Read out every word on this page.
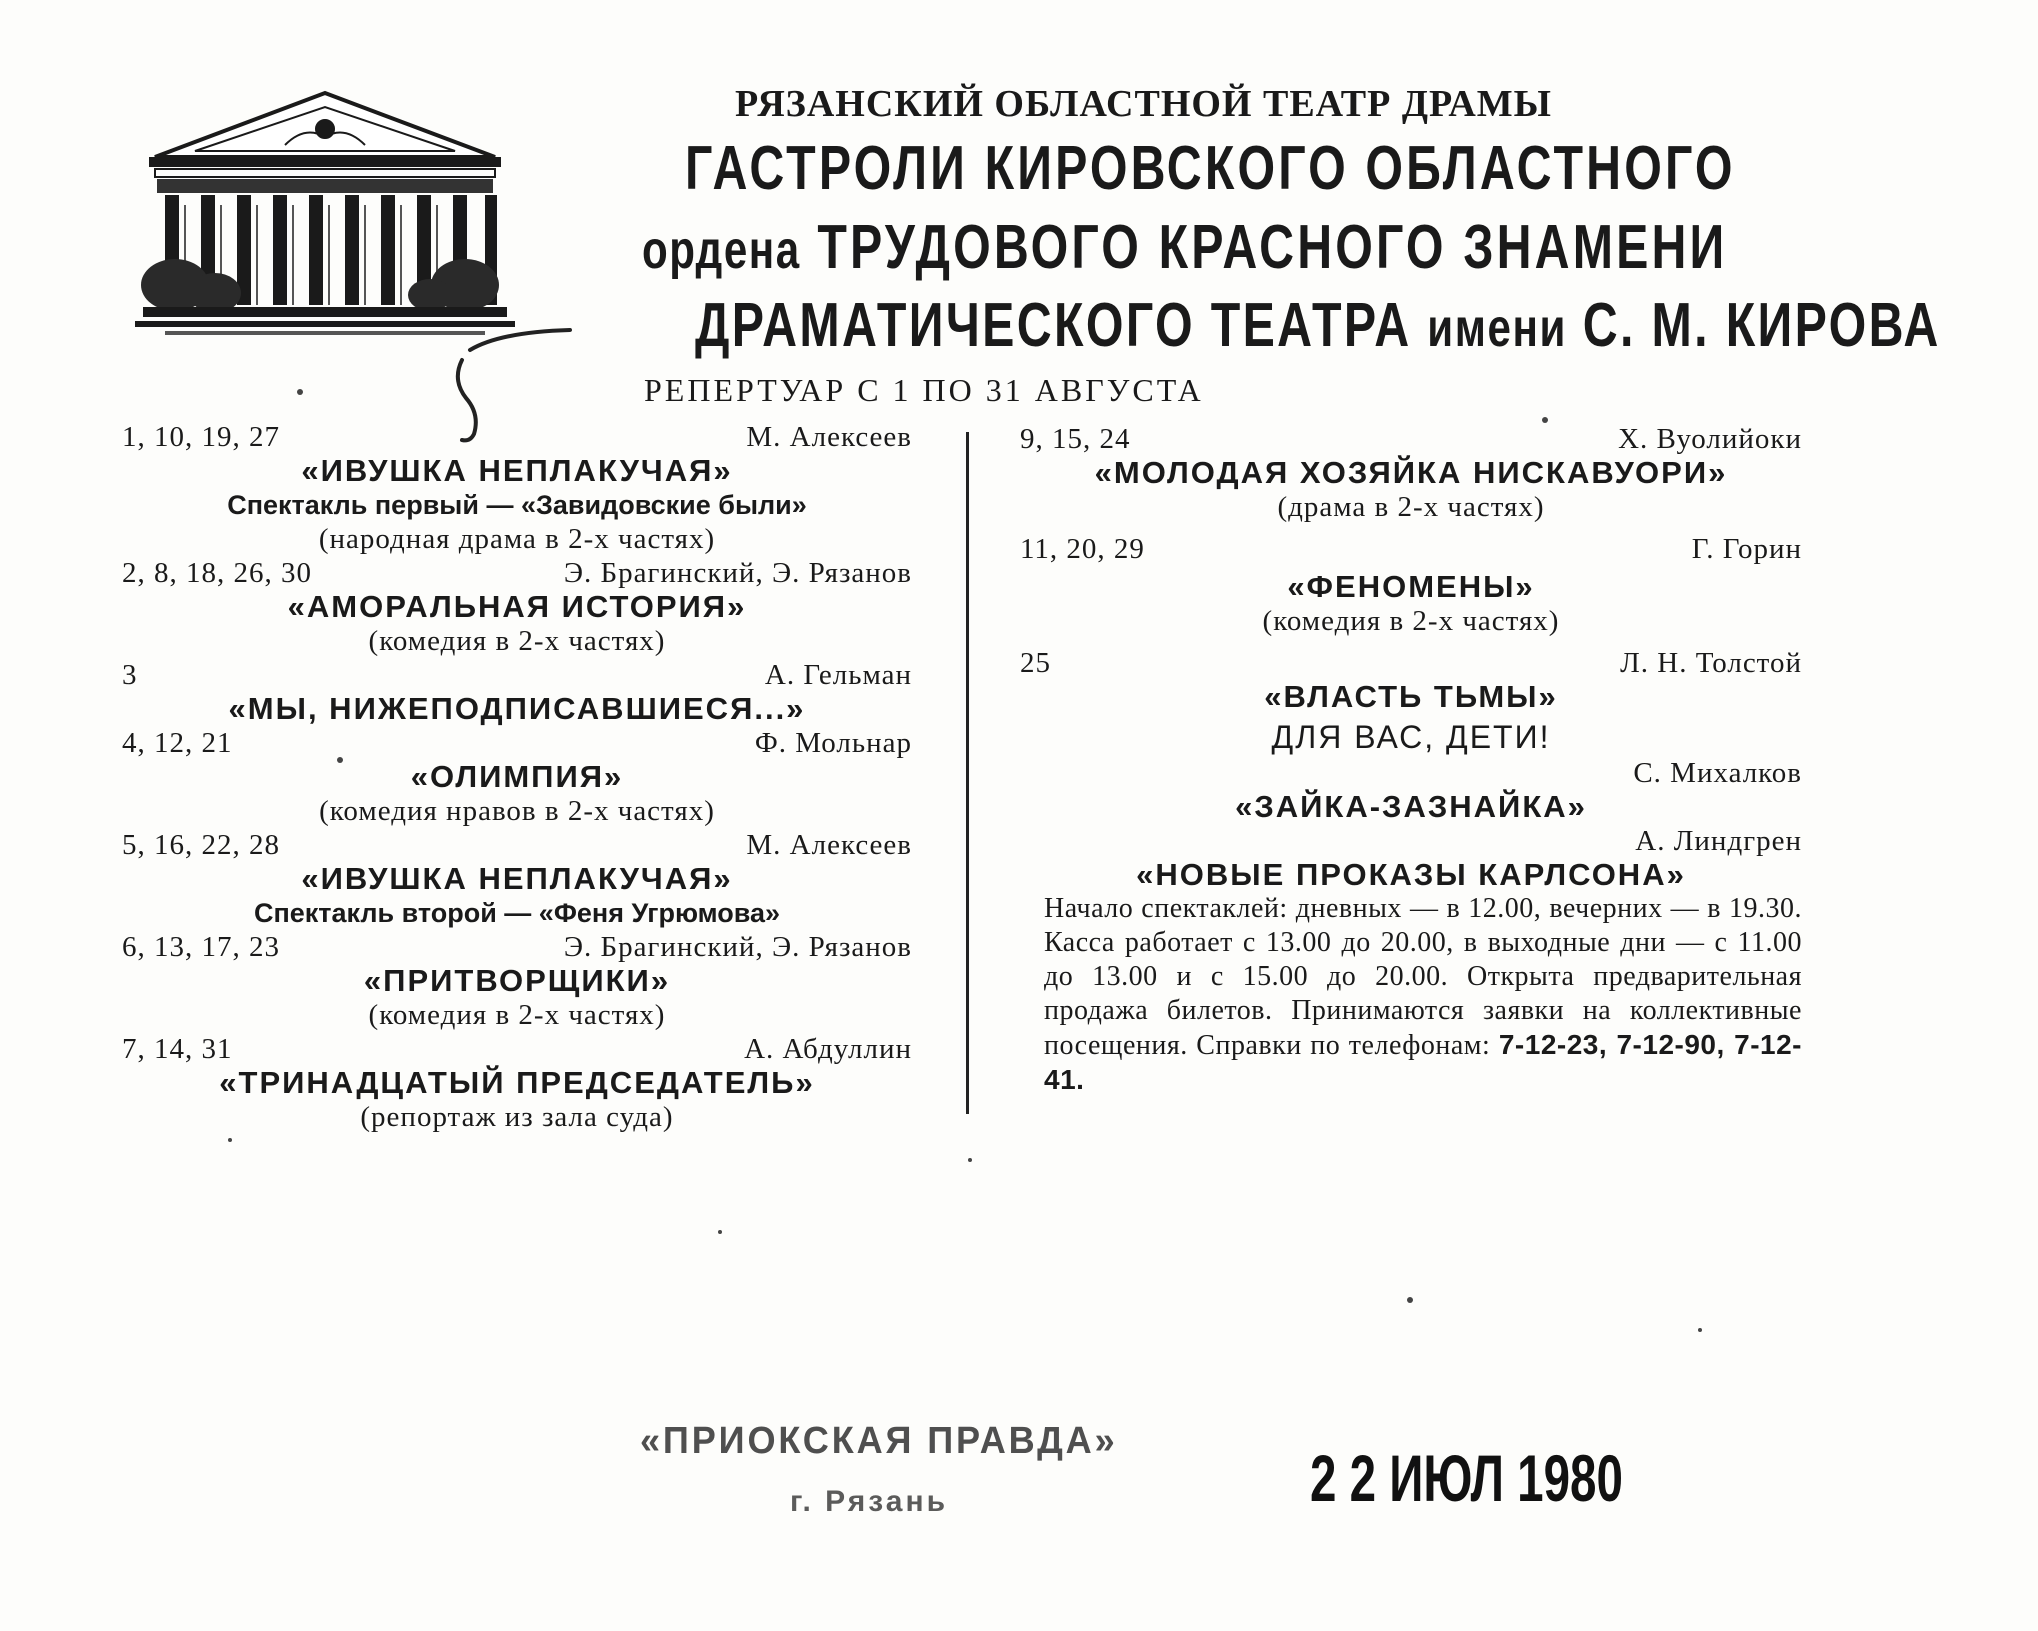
РЯЗАНСКИЙ ОБЛАСТНОЙ ТЕАТР ДРАМЫ
ГАСТРОЛИ КИРОВСКОГО ОБЛАСТНОГО
ордена ТРУДОВОГО КРАСНОГО ЗНАМЕНИ
ДРАМАТИЧЕСКОГО ТЕАТРА имени С. М. КИРОВА
РЕПЕРТУАР С 1 ПО 31 АВГУСТА
1, 10, 19, 27	М. Алексеев
«ИВУШКА НЕПЛАКУЧАЯ»
Спектакль первый — «Завидовские были»
(народная драма в 2-х частях)
2, 8, 18, 26, 30	Э. Брагинский, Э. Рязанов
«АМОРАЛЬНАЯ ИСТОРИЯ»
(комедия в 2-х частях)
3	А. Гельман
«МЫ, НИЖЕПОДПИСАВШИЕСЯ...»
4, 12, 21	Ф. Мольнар
«ОЛИМПИЯ»
(комедия нравов в 2-х частях)
5, 16, 22, 28	М. Алексеев
«ИВУШКА НЕПЛАКУЧАЯ»
Спектакль второй — «Феня Угрюмова»
6, 13, 17, 23	Э. Брагинский, Э. Рязанов
«ПРИТВОРЩИКИ»
(комедия в 2-х частях)
7, 14, 31	А. Абдуллин
«ТРИНАДЦАТЫЙ ПРЕДСЕДАТЕЛЬ»
(репортаж из зала суда)
9, 15, 24	Х. Вуолийоки
«МОЛОДАЯ ХОЗЯЙКА НИСКАВУОРИ»
(драма в 2-х частях)
11, 20, 29	Г. Горин
«ФЕНОМЕНЫ»
(комедия в 2-х частях)
25	Л. Н. Толстой
«ВЛАСТЬ ТЬМЫ»
ДЛЯ ВАС, ДЕТИ!
С. Михалков
«ЗАЙКА-ЗАЗНАЙКА»
А. Линдгрен
«НОВЫЕ ПРОКАЗЫ КАРЛСОНА»
Начало спектаклей: дневных — в 12.00, вечерних — в 19.30. Касса работает с 13.00 до 20.00, в выходные дни — с 11.00 до 13.00 и с 15.00 до 20.00. Открыта предварительная продажа билетов. Принимаются заявки на коллективные посещения. Справки по телефонам: 7-12-23, 7-12-90, 7-12-41.
«ПРИОКСКАЯ ПРАВДА»
г. Рязань	2 2 ИЮЛ 1980
